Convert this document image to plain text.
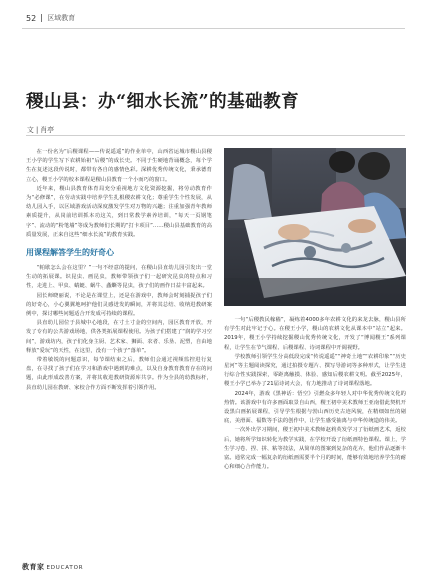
52 区域教育
稷山县：办“细水长流”的基础教育
文 | 肖亭

在一份名为“后稷课程——传说遥遥”的作业单中，山西省运城市稷山县稷王小学的学生写下农耕始祖“后稷”的成长史。不同于生硬地背诵概念，每个学生在复述这段传说时，都带有各自的感情色彩。深耕优秀传统文化，秉承德育立心，稷王小学的校本课程是稷山县教育一个小而巧的窗口。

近年来，稷山县教育体育局充分重视地方文化资源挖掘，将劳动教育作为“必修课”，在劳动实践中培养学生扎根稷农耕文化；尊重学生个性发展，从幼儿园入手，以区域游戏活动深度激发学生对万物的兴趣；注重加强青年教师素质提升，从岗前培训抓本功这关，到日常教学素养培训，“每天一页钢笔字”、流动的“粉笔墙”等成为教师们长期的“打卡项目”……稷山县基础教育的高质量发展，正来自这些“细水长流”的教育实践。

用课程解答学生的好奇心

“帕歇怎么会在这里？”一句不经意的提问，在稷山县直幼儿园引发出一堂生动的拓展课。识昆虫、画昆虫，教师带领孩子们一起研究昆虫的特点和习性，走进上、甲虫、蜻蜓、蜗牛、螽蟖等昆虫，孩子们的画作日益丰富起来。

园长师晓丽说，不论是在课堂上，还是在游戏中，教师会时刻捕捉孩子们的好奇心，小心翼翼地呵护他们灵感迸发的瞬间，并将其总结、收纳进教研案例中，探讨哪些问题适合开发成可持续的课程。

县直幼儿园位于县城中心地段，在寸土寸金的空间内，园区教育开放，开发了专有的公共游戏场地，供各类拓展课程使用。为孩子们搭建了“润的学习空间”，游戏坊内，孩子们化身主厨、艺术家、狮面、农者、乐垦、泥塑，自由地释放“爱玩”的天性，在这里，没有一个孩子“落单”。

带着敏锐的问题意识，每节课结束之后，教师们会通过视频监控进行复盘，在寻找了孩子们在学习和游戏中遇到的难点，以及自身教育教育存在的问题，由此形成改善方案，并将其收进教研资源库共享。作为全县的幼教标杆，县直幼儿园在教研、家校合作方面不断发挥着引领作用。

一句“后稷教民稼穑”，凝练着4000多年农耕文化的来龙去脉，稷山县所有学生对此牢记于心。在稷王小学，稷山的农耕文化从课本中“站立”起来。2019年，稷王小学持续挖掘稷山优秀传统文化，开发了“博闻稷王”系列课程，让学生在节气课程、后稷课程、诗词课程中开阔视野。

学校教师引领学生分高低段完成“传说遥遥”“神奇土地”“农耕印象”“历史星河”等主题阅读探究，通过拍摄专题片、撰写导游词等多种形式，让学生进行综合性实践探索，零距离触摸、体验、感知后稷农耕文明。截至2025年，稷王小学已举办了21届诗词大会，有力地推动了诗词课程落地。

2024年，游戏《黑神话：悟空》引燃众多年轻人对中华优秀传统文化的热情。该游戏中有许多画面取景自山西，稷王初中美术教师王亚南借此契机开设黑白画拓展课程，引导学生根据与勃山西历史古迹风貌，在精细如丝的剔底，美滑面、福数等手法的创作中，让学生感受抽离与中华传统造的伟美。

一次外出学习期间，稷王初中美术教师赵莉英发学习了衍纸画艺术，返校后，她将所学知识转化为教学实践，在学校开设了衍纸画特色课程。课上，学生学习卷、捏、拼、粘等技法，从简单的图案到复杂的花卉，他们作品逐渐丰富。通常完成一幅复杂的衍纸画需要半个月的时间，能够有效地培养学生的耐心和细心合作能力。

教育家 EDUCATOR
